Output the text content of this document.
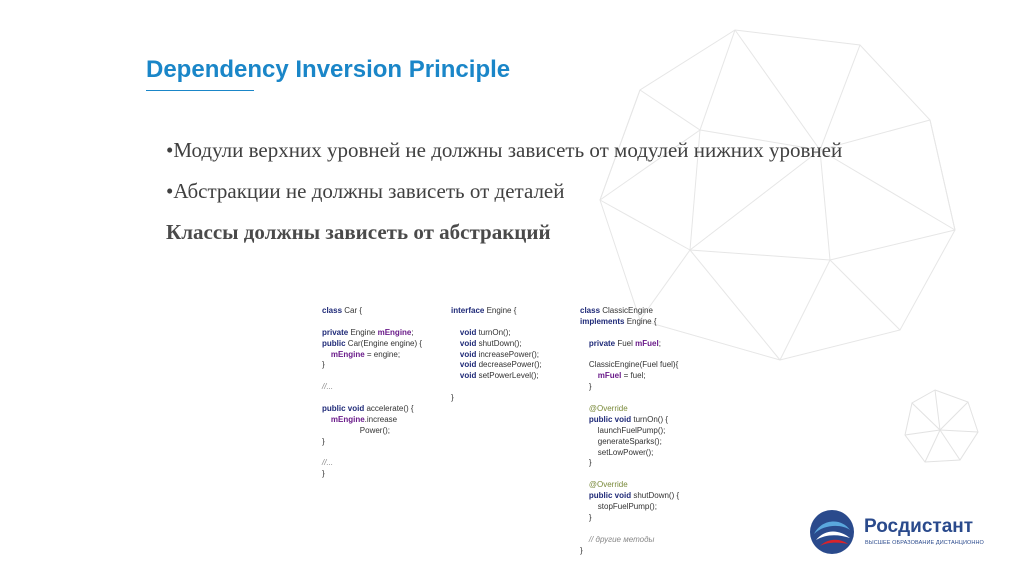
Dependency Inversion Principle

•Модули верхних уровней не должны зависеть от модулей нижних уровней

•Абстракции не должны зависеть от деталей

Классы должны зависеть от абстракций

class Car {
private Engine mEngine;
public Car(Engine engine) {
mEngine = engine;
}
//...
public void accelerate() {
mEngine.increase
Power();
}
//...
}
interface Engine {
void turnOn();
void shutDown();
void increasePower();
void decreasePower();
void setPowerLevel();
}
class ClassicEngine
implements Engine {
private Fuel mFuel;
ClassicEngine(Fuel fuel){
mFuel = fuel;
}
@Override
public void turnOn() {
launchFuelPump();
generateSparks();
setLowPower();
}
@Override
public void shutDown() {
stopFuelPump();
}
// другие методы
}
Росдистант
ВЫСШЕЕ ОБРАЗОВАНИЕ ДИСТАНЦИОННО
